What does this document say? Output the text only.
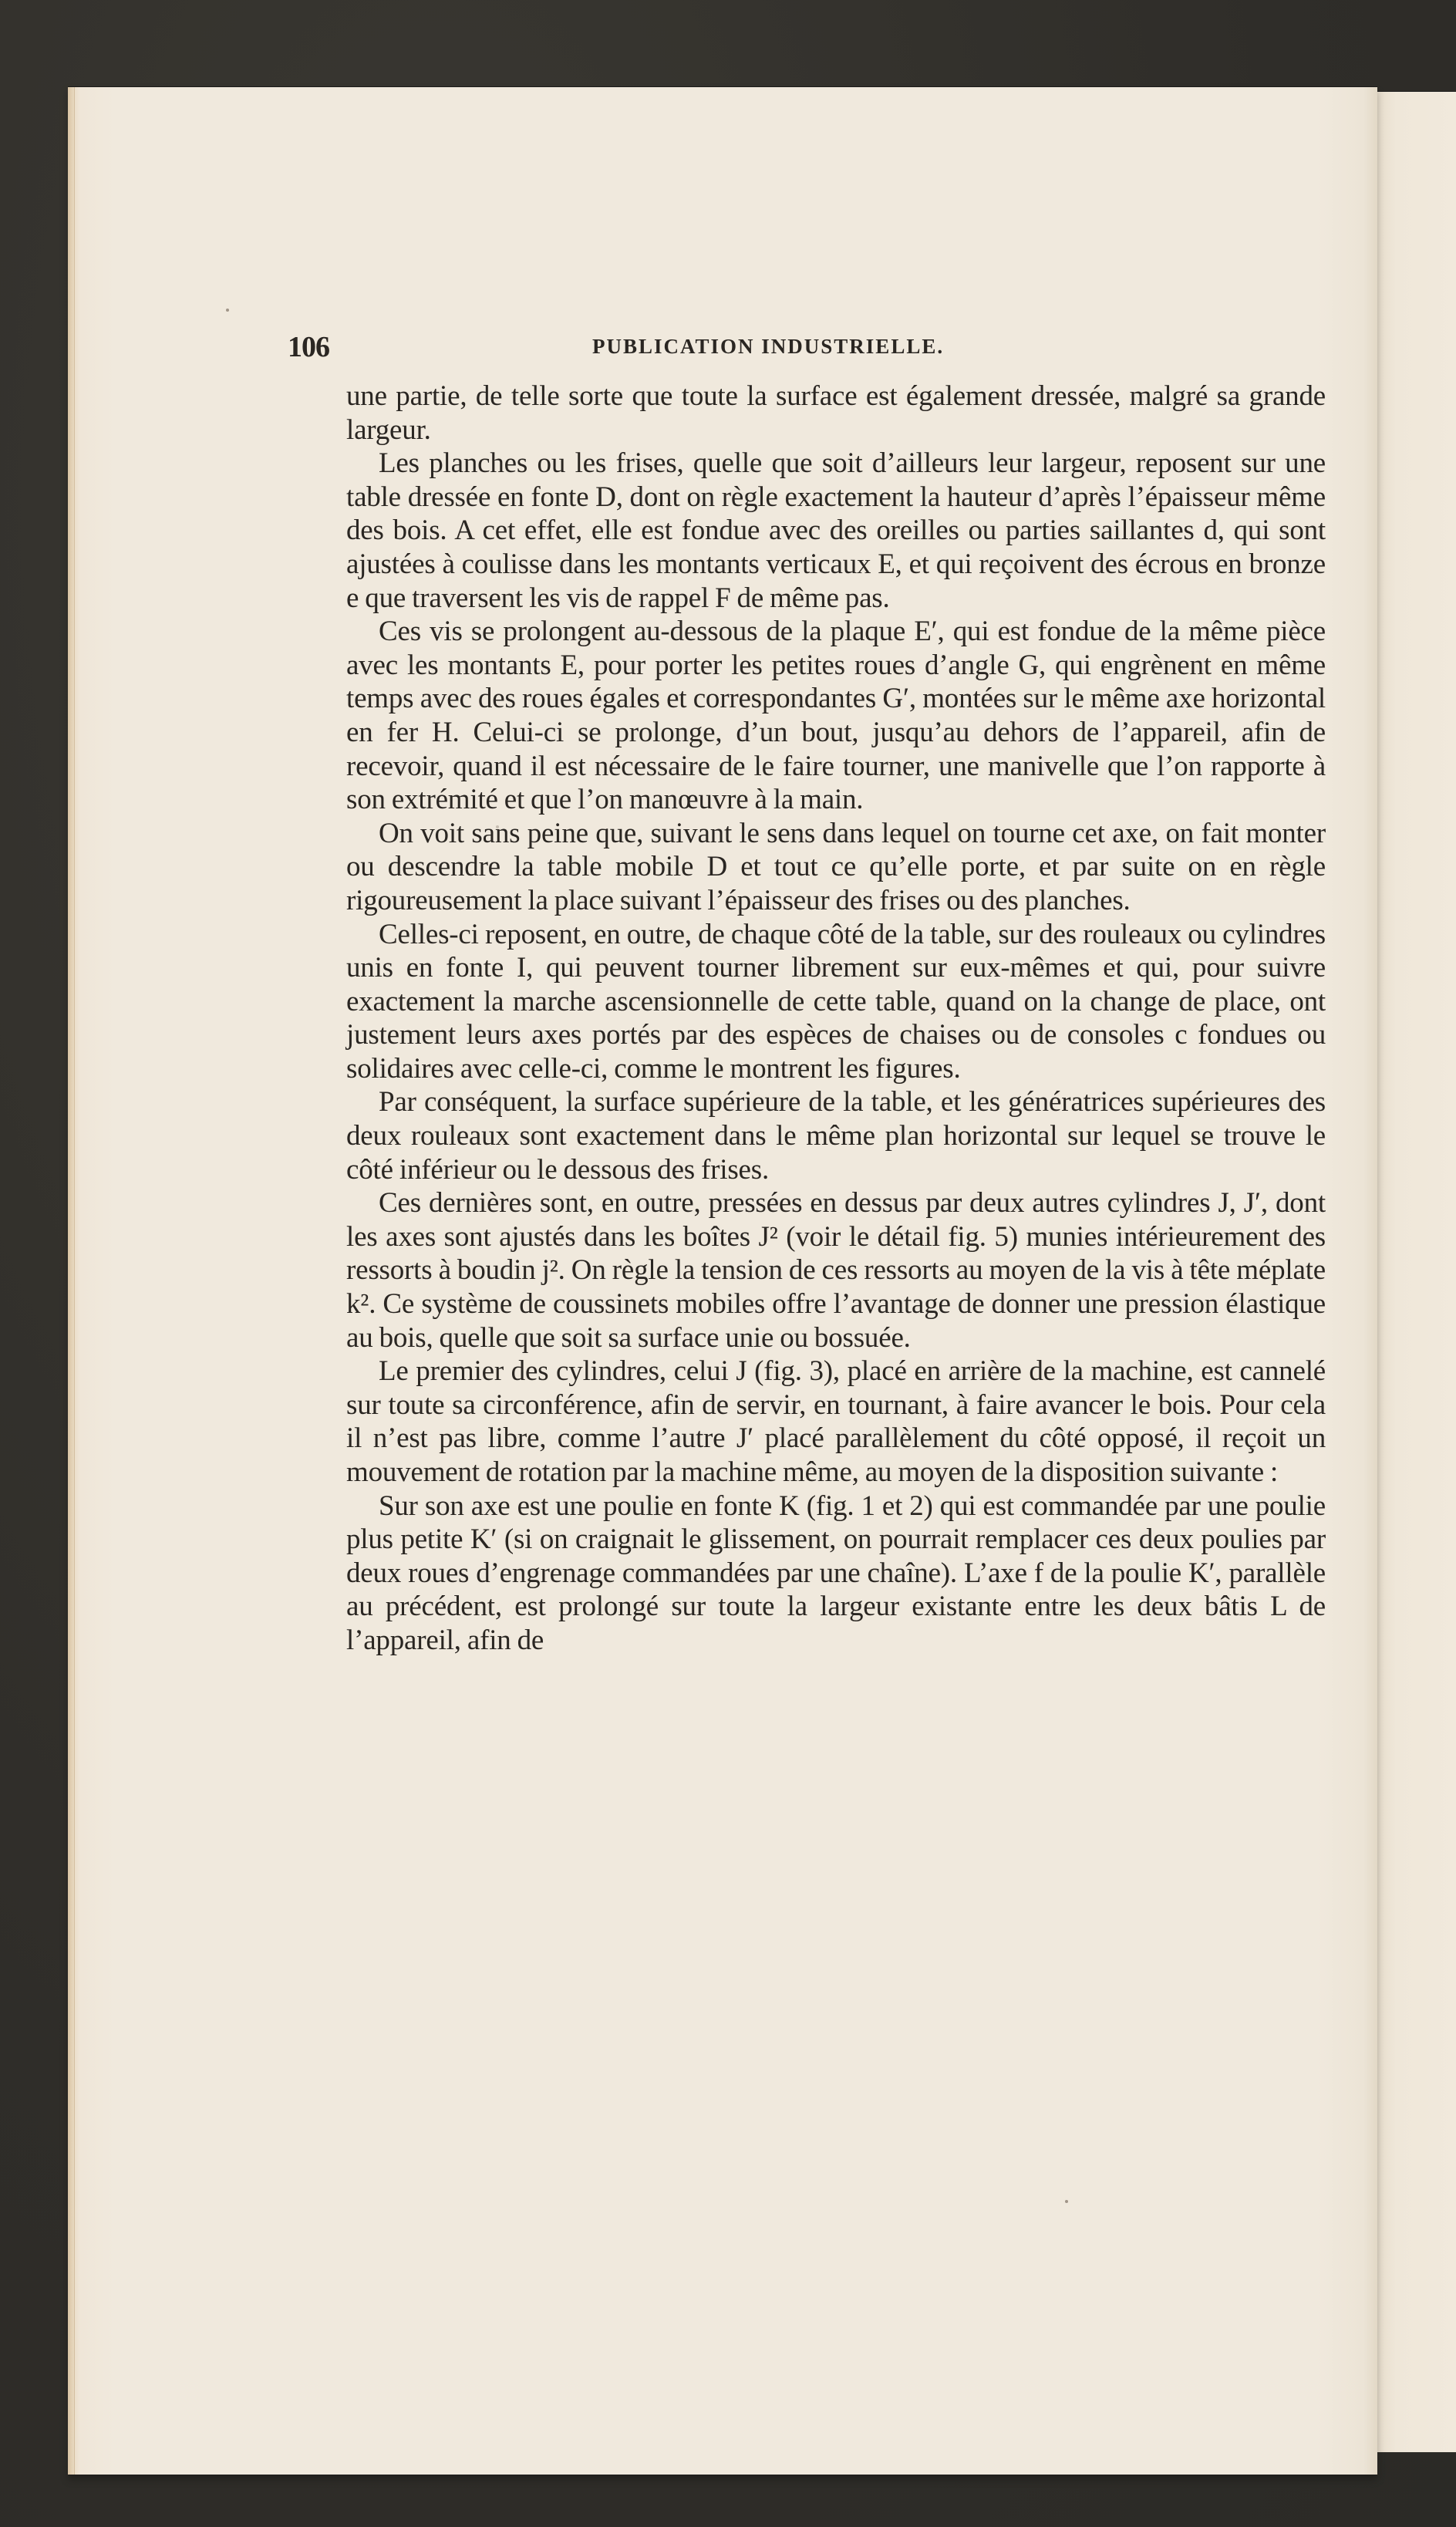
106	PUBLICATION INDUSTRIELLE.

une partie, de telle sorte que toute la surface est également dressée, malgré sa grande largeur.

Les planches ou les frises, quelle que soit d’ailleurs leur largeur, reposent sur une table dressée en fonte D, dont on règle exactement la hauteur d’après l’épaisseur même des bois. A cet effet, elle est fondue avec des oreilles ou parties saillantes d, qui sont ajustées à coulisse dans les montants verticaux E, et qui reçoivent des écrous en bronze e que traversent les vis de rappel F de même pas.

Ces vis se prolongent au-dessous de la plaque E′, qui est fondue de la même pièce avec les montants E, pour porter les petites roues d’angle G, qui engrènent en même temps avec des roues égales et correspondantes G′, montées sur le même axe horizontal en fer H. Celui-ci se prolonge, d’un bout, jusqu’au dehors de l’appareil, afin de recevoir, quand il est nécessaire de le faire tourner, une manivelle que l’on rapporte à son extrémité et que l’on manœuvre à la main.

On voit sans peine que, suivant le sens dans lequel on tourne cet axe, on fait monter ou descendre la table mobile D et tout ce qu’elle porte, et par suite on en règle rigoureusement la place suivant l’épaisseur des frises ou des planches.

Celles-ci reposent, en outre, de chaque côté de la table, sur des rouleaux ou cylindres unis en fonte I, qui peuvent tourner librement sur eux-mêmes et qui, pour suivre exactement la marche ascensionnelle de cette table, quand on la change de place, ont justement leurs axes portés par des espèces de chaises ou de consoles c fondues ou solidaires avec celle-ci, comme le montrent les figures.

Par conséquent, la surface supérieure de la table, et les génératrices supérieures des deux rouleaux sont exactement dans le même plan horizontal sur lequel se trouve le côté inférieur ou le dessous des frises.

Ces dernières sont, en outre, pressées en dessus par deux autres cylindres J, J′, dont les axes sont ajustés dans les boîtes J² (voir le détail fig. 5) munies intérieurement des ressorts à boudin j². On règle la tension de ces ressorts au moyen de la vis à tête méplate k². Ce système de coussinets mobiles offre l’avantage de donner une pression élastique au bois, quelle que soit sa surface unie ou bossuée.

Le premier des cylindres, celui J (fig. 3), placé en arrière de la machine, est cannelé sur toute sa circonférence, afin de servir, en tournant, à faire avancer le bois. Pour cela il n’est pas libre, comme l’autre J′ placé parallèlement du côté opposé, il reçoit un mouvement de rotation par la machine même, au moyen de la disposition suivante :

Sur son axe est une poulie en fonte K (fig. 1 et 2) qui est commandée par une poulie plus petite K′ (si on craignait le glissement, on pourrait remplacer ces deux poulies par deux roues d’engrenage commandées par une chaîne). L’axe f de la poulie K′, parallèle au précédent, est prolongé sur toute la largeur existante entre les deux bâtis L de l’appareil, afin de
